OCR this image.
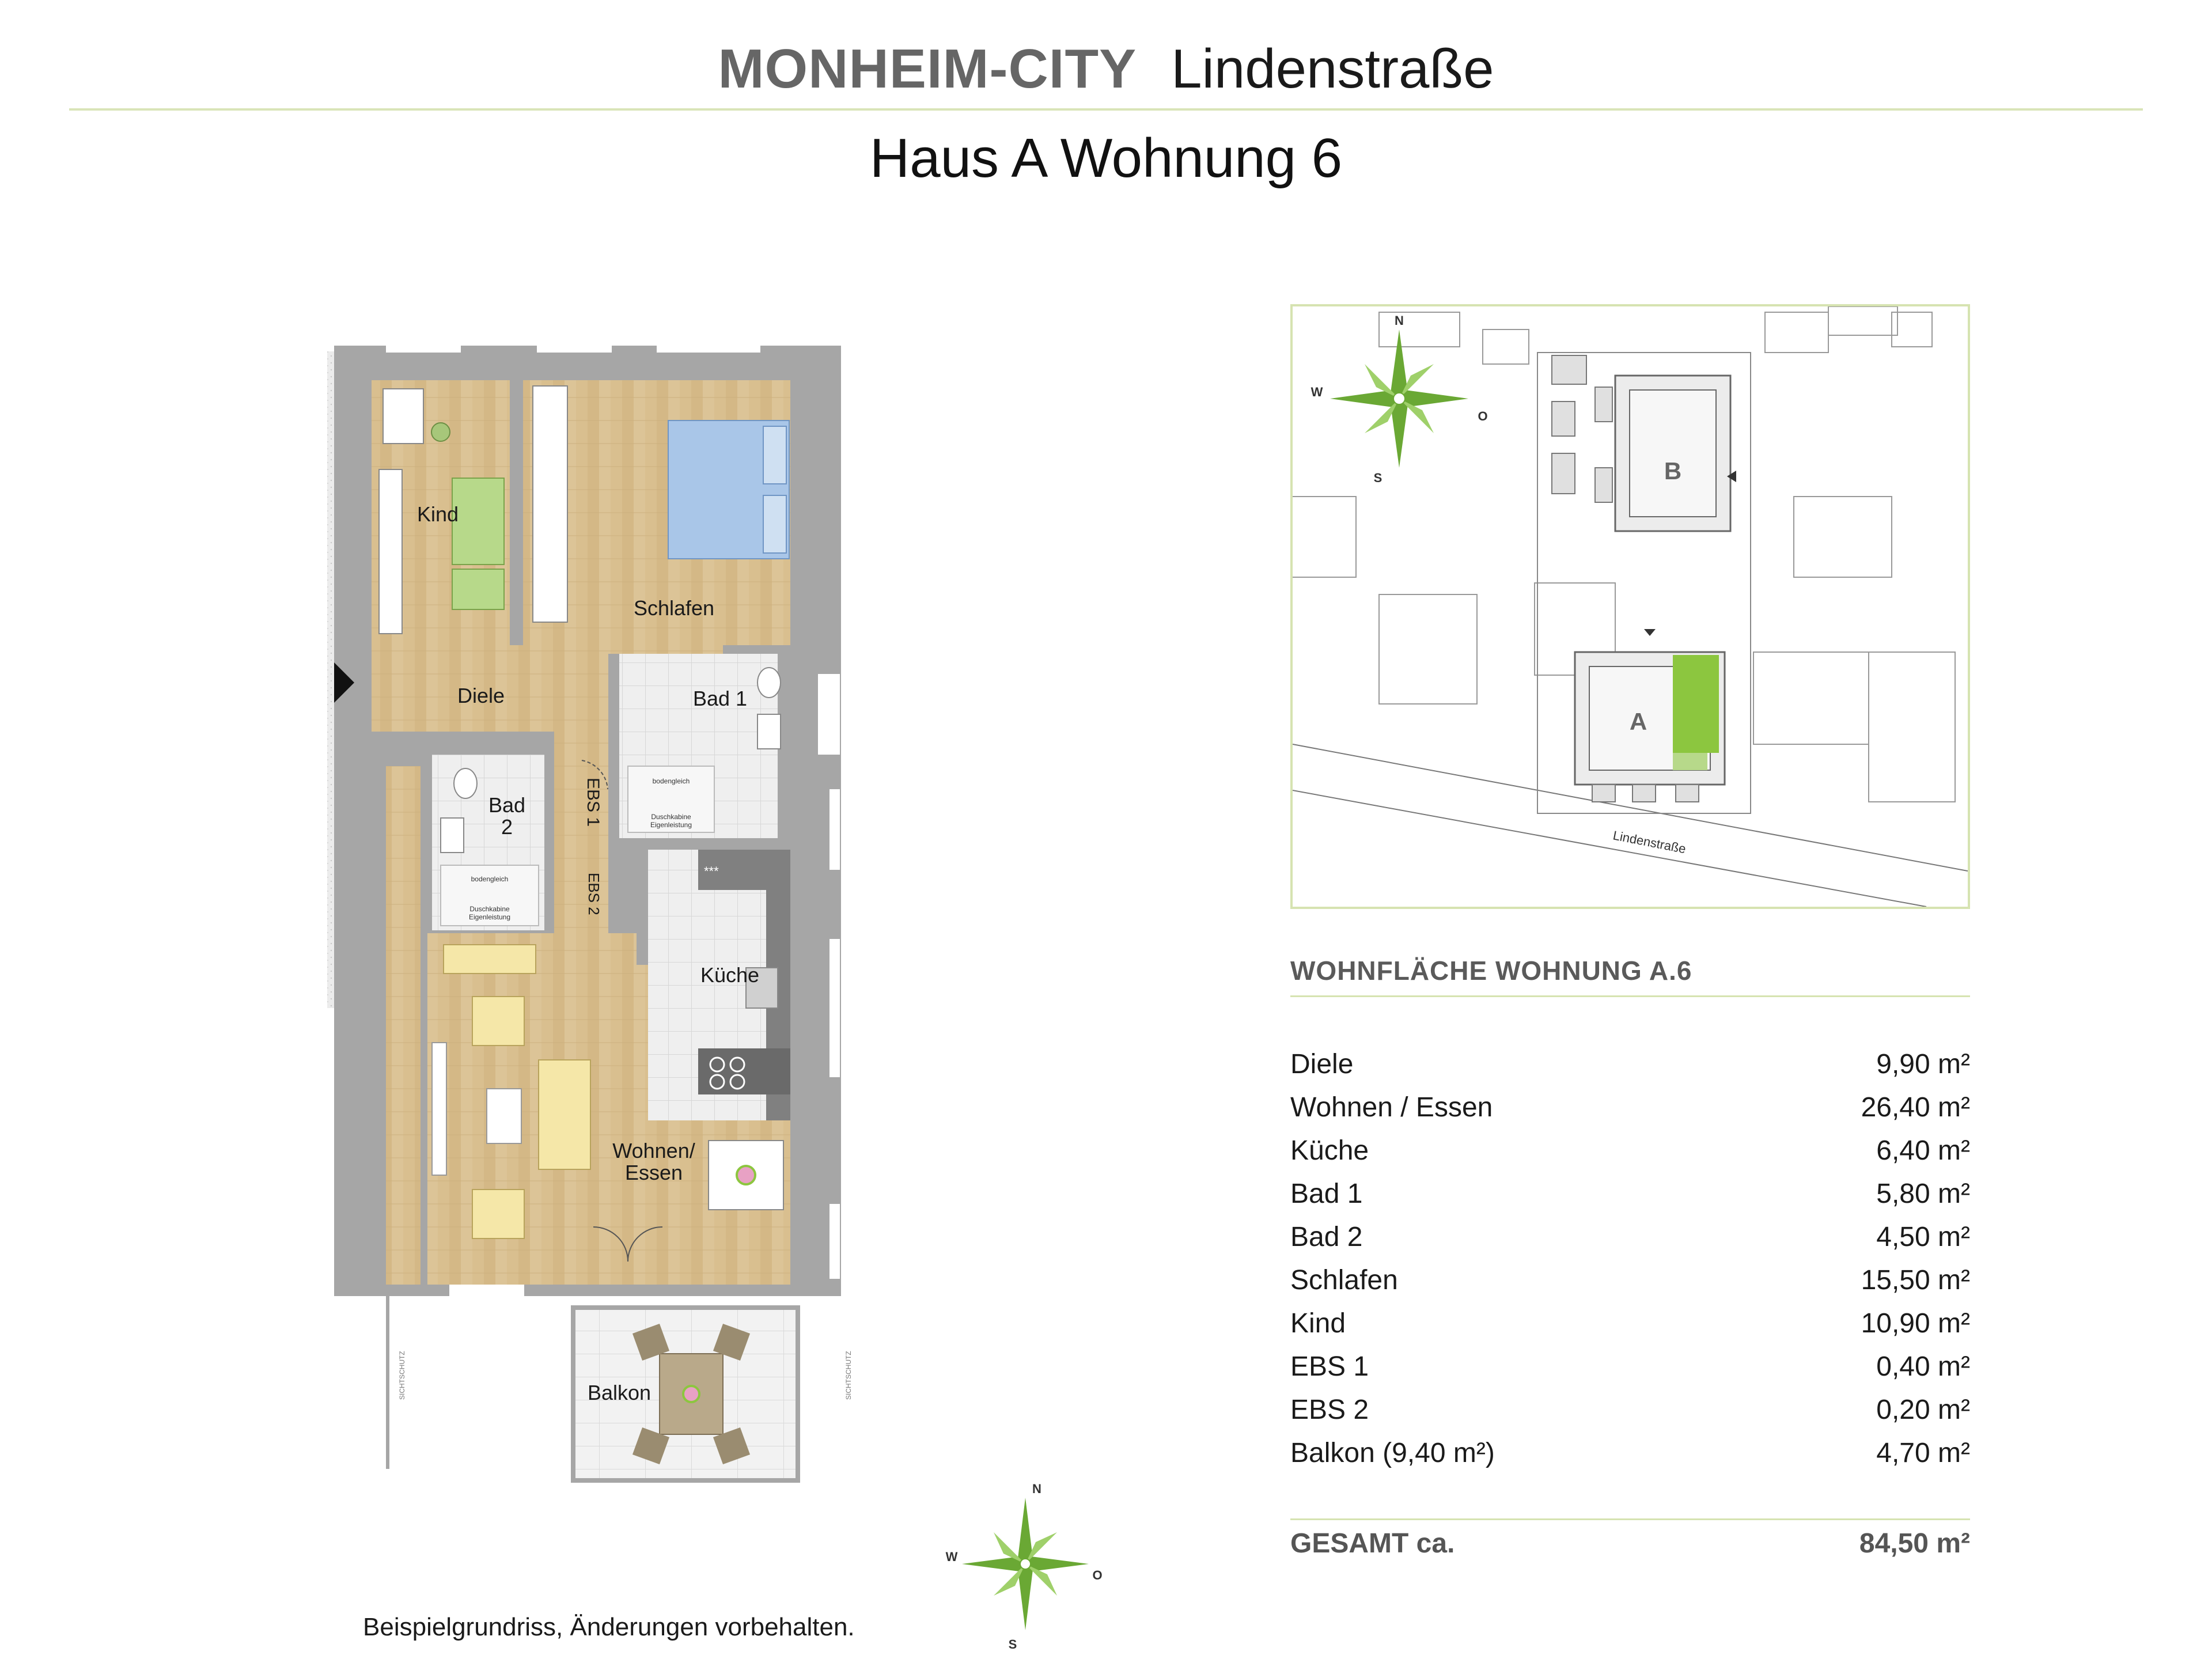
MONHEIM-CITY Lindenstraße
Haus A Wohnung 6
***
SICHTSCHUTZ	SICHTSCHUTZ
Kind
Schlafen
Diele	Bad 1
Bad
2
Küche
Wohnen/
Essen
Balkon
EBS 1
EBS 2
bodengleich
Duschkabine
Eigenleistung
bodengleich
Duschkabine
Eigenleistung
Lindenstraße
B
A
N
S
W
O
WOHNFLÄCHE WOHNUNG A.6
Diele	9,90 m²
Wohnen / Essen	26,40 m²
Küche	6,40 m²
Bad 1	5,80 m²
Bad 2	4,50 m²
Schlafen	15,50 m²
Kind	10,90 m²
EBS 1	0,40 m²
EBS 2	0,20 m²
Balkon (9,40 m²)	4,70 m²
GESAMT ca.	84,50 m²
N
S
W
O
Beispielgrundriss, Änderungen vorbehalten.
